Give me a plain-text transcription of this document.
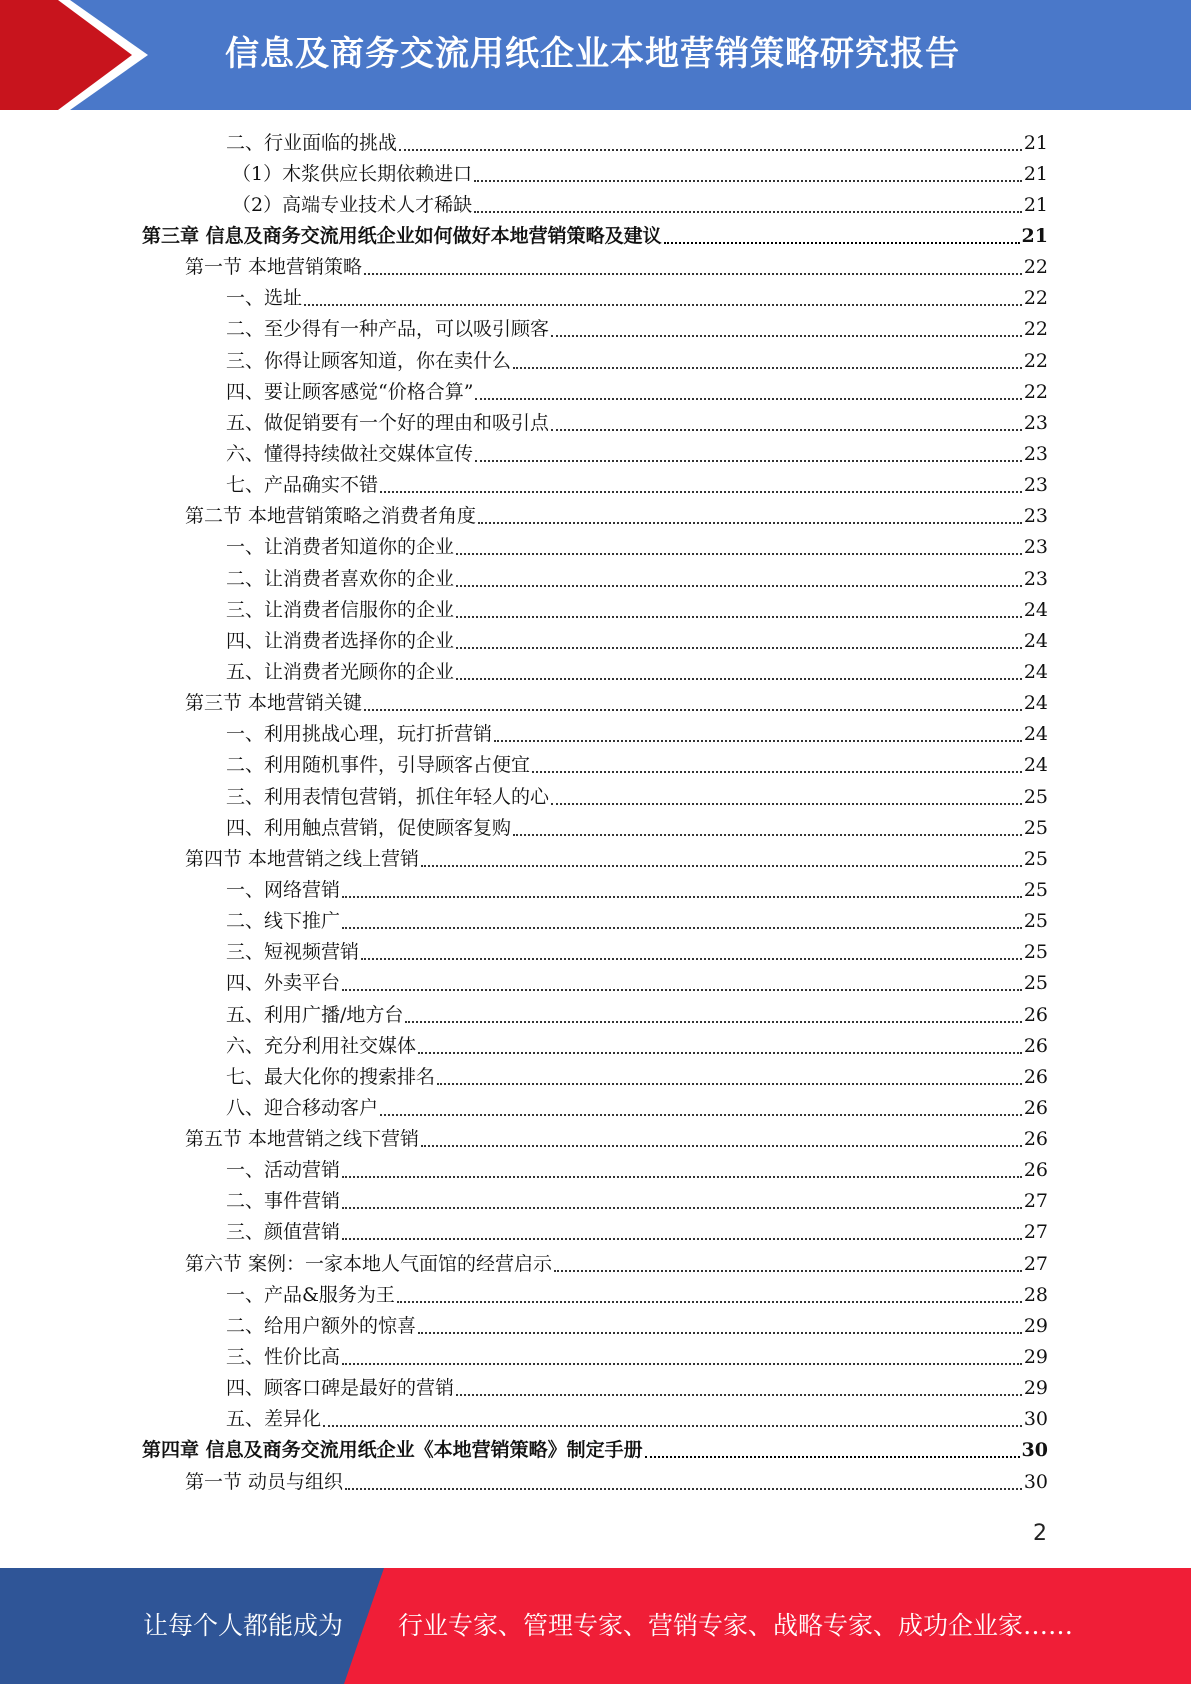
信息及商务交流用纸企业本地营销策略研究报告
二、行业面临的挑战	21
（1）木浆供应长期依赖进口	21
（2）高端专业技术人才稀缺	21
第三章 信息及商务交流用纸企业如何做好本地营销策略及建议	21
第一节 本地营销策略	22
一、选址	22
二、至少得有一种产品，可以吸引顾客	22
三、你得让顾客知道，你在卖什么	22
四、要让顾客感觉“价格合算”	22
五、做促销要有一个好的理由和吸引点	23
六、懂得持续做社交媒体宣传	23
七、产品确实不错	23
第二节 本地营销策略之消费者角度	23
一、让消费者知道你的企业	23
二、让消费者喜欢你的企业	23
三、让消费者信服你的企业	24
四、让消费者选择你的企业	24
五、让消费者光顾你的企业	24
第三节 本地营销关键	24
一、利用挑战心理，玩打折营销	24
二、利用随机事件，引导顾客占便宜	24
三、利用表情包营销，抓住年轻人的心	25
四、利用触点营销，促使顾客复购	25
第四节 本地营销之线上营销	25
一、网络营销	25
二、线下推广	25
三、短视频营销	25
四、外卖平台	25
五、利用广播/地方台	26
六、充分利用社交媒体	26
七、最大化你的搜索排名	26
八、迎合移动客户	26
第五节 本地营销之线下营销	26
一、活动营销	26
二、事件营销	27
三、颜值营销	27
第六节 案例：一家本地人气面馆的经营启示	27
一、产品&服务为王	28
二、给用户额外的惊喜	29
三、性价比高	29
四、顾客口碑是最好的营销	29
五、差异化	30
第四章 信息及商务交流用纸企业《本地营销策略》制定手册	30
第一节 动员与组织	30
2
让每个人都能成为 行业专家、管理专家、营销专家、战略专家、成功企业家……
